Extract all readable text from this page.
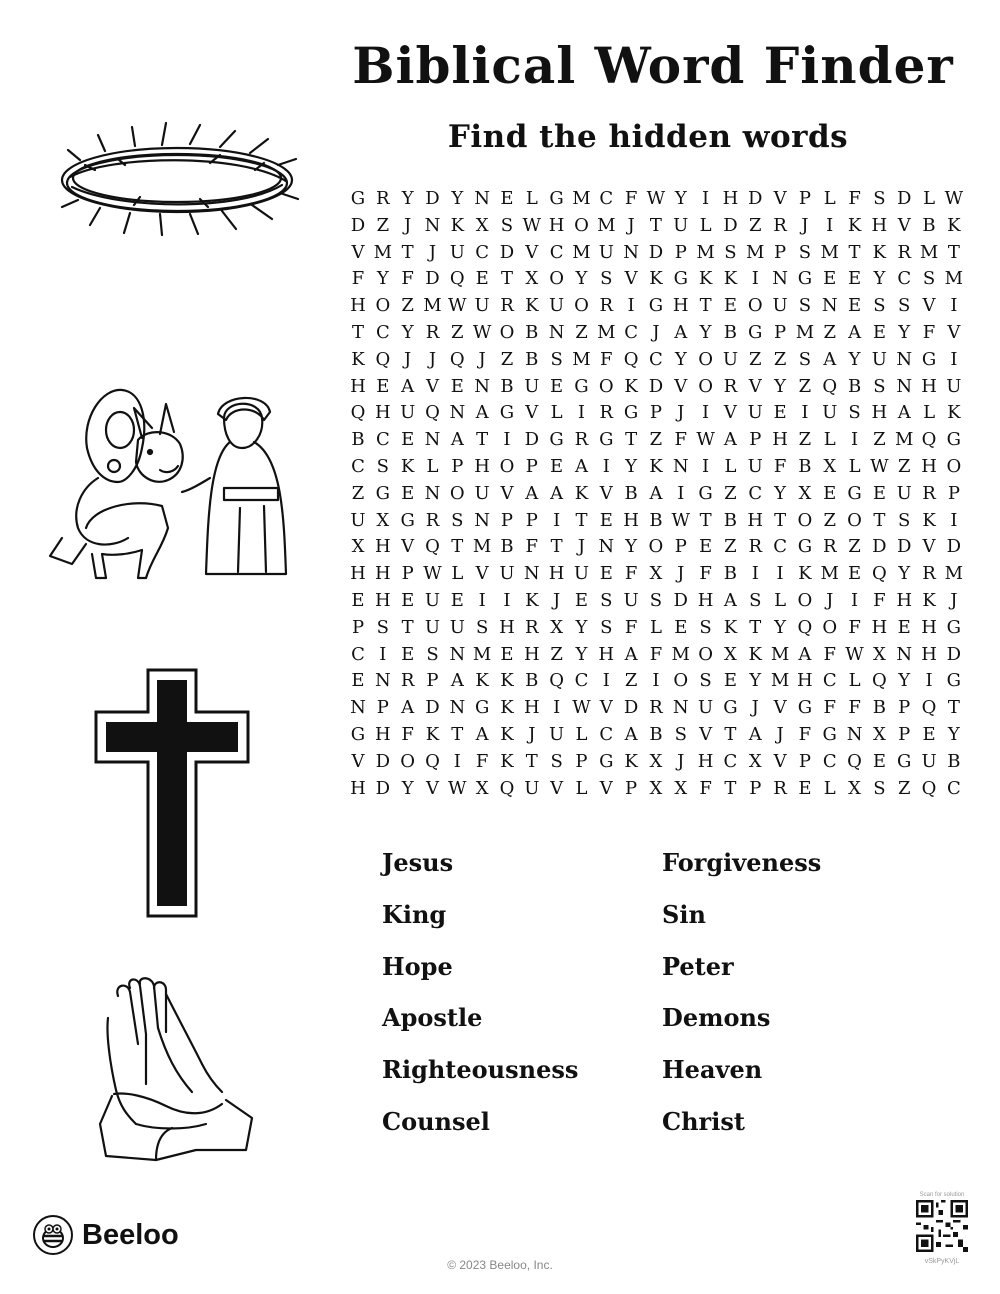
Biblical Word Finder
Find the hidden words
G R Y D Y N E L G M C F W Y I H D V P L F S D L W
D Z J N K X S W H O M J T U L D Z R J I K H V B K
V M T J U C D V C M U N D P M S M P S M T K R M T
F Y F D Q E T X O Y S V K G K K I N G E E Y C S M
H O Z M W U R K U O R I G H T E O U S N E S S V I
T C Y R Z W O B N Z M C J A Y B G P M Z A E Y F V
K Q J J Q J Z B S M F Q C Y O U Z Z S A Y U N G I
H E A V E N B U E G O K D V O R V Y Z Q B S N H U
Q H U Q N A G V L I R G P J I V U E I U S H A L K
B C E N A T I D G R G T Z F W A P H Z L I Z M Q G
C S K L P H O P E A I Y K N I L U F B X L W Z H O
Z G E N O U V A A K V B A I G Z C Y X E G E U R P
U X G R S N P P I T E H B W T B H T O Z O T S K I
X H V Q T M B F T J N Y O P E Z R C G R Z D D V D
H H P W L V U N H U E F X J F B I I K M E Q Y R M
E H E U E I I K J E S U S D H A S L O J I F H K J
P S T U U S H R X Y S F L E S K T Y Q O F H E H G
C I E S N M E H Z Y H A F M O X K M A F W X N H D
E N R P A K K B Q C I Z I O S E Y M H C L Q Y I G
N P A D N G K H I W V D R N U G J V G F F B P Q T
G H F K T A K J U L C A B S V T A J F G N X P E Y
V D O Q I F K T S P G K X J H C X V P C Q E G U B
H D Y V W X Q U V L V P X X F T P R E L X S Z Q C
Jesus	Forgiveness
King	Sin
Hope	Peter
Apostle	Demons
Righteousness	Heaven
Counsel	Christ
Beeloo
© 2023 Beeloo, Inc.
Scan for solution
vSkPyKVjL
